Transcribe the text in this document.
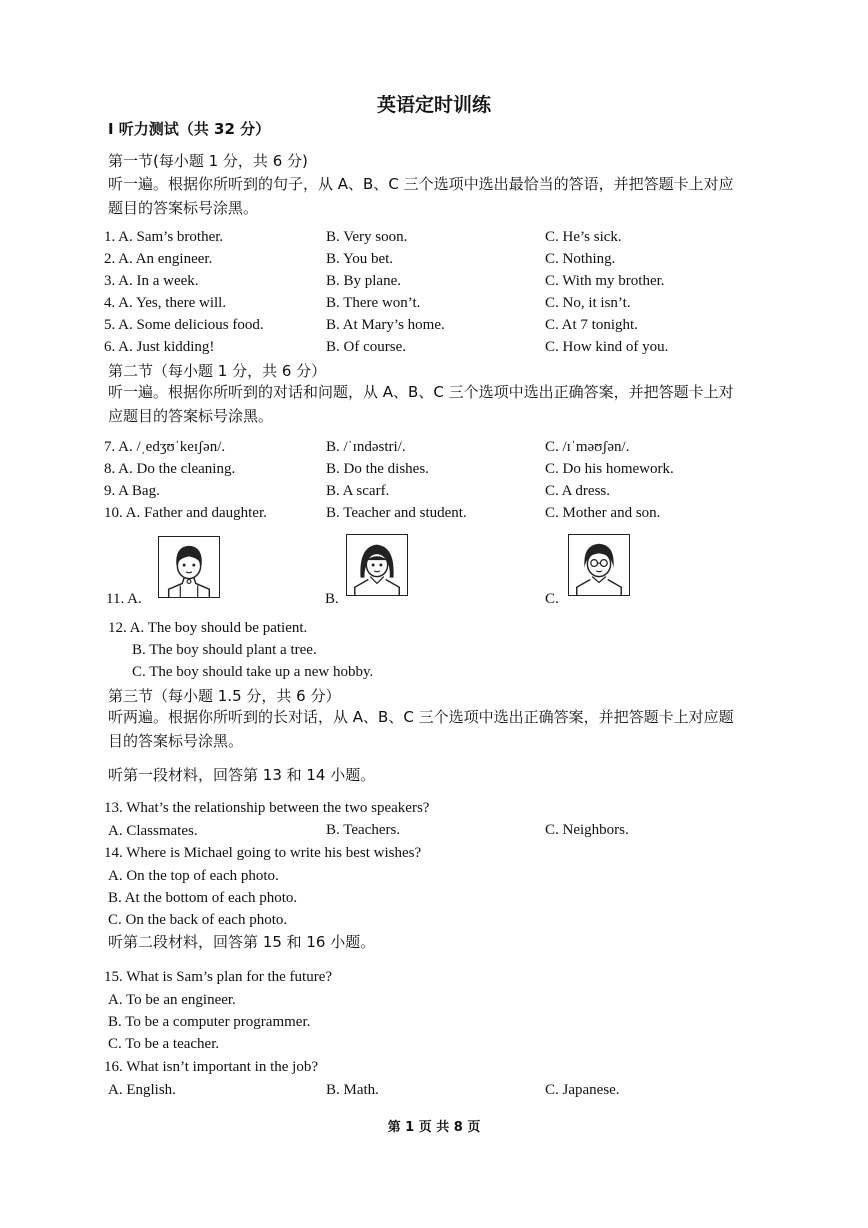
英语定时训练
I 听力测试（共 32 分）
第一节(每小题 1 分，共 6 分)
听一遍。根据你所听到的句子，从 A、B、C 三个选项中选出最恰当的答语，并把答题卡上对应
题目的答案标号涂黑。
1. A. Sam’s brother.	B. Very soon.	C. He’s sick.
2. A. An engineer.	B. You bet.	C. Nothing.
3. A. In a week.	B. By plane.	C. With my brother.
4. A. Yes, there will.	B. There won’t.	C. No, it isn’t.
5. A. Some delicious food.	B. At Mary’s home.	C. At 7 tonight.
6. A. Just kidding!	B. Of course.	C. How kind of you.
第二节（每小题 1 分，共 6 分）
听一遍。根据你所听到的对话和问题，从 A、B、C 三个选项中选出正确答案，并把答题卡上对
应题目的答案标号涂黑。
7. A. /ˌedʒʊˈkeɪʃən/.	B. /ˈɪndəstri/.	C. /ɪˈməʊʃən/.
8. A. Do the cleaning.	B. Do the dishes.	C. Do his homework.
9. A Bag.	B. A scarf.	C. A dress.
10. A. Father and daughter.	B. Teacher and student.	C. Mother and son.
11. A.	B.	C.
12. A. The boy should be patient.
B. The boy should plant a tree.
C. The boy should take up a new hobby.
第三节（每小题 1.5 分，共 6 分）
听两遍。根据你所听到的长对话，从 A、B、C 三个选项中选出正确答案，并把答题卡上对应题
目的答案标号涂黑。
听第一段材料，回答第 13 和 14 小题。
13. What’s the relationship between the two speakers?
A. Classmates.	B. Teachers.	C. Neighbors.
14. Where is Michael going to write his best wishes?
A. On the top of each photo.
B. At the bottom of each photo.
C. On the back of each photo.
听第二段材料，回答第 15 和 16 小题。
15. What is Sam’s plan for the future?
A. To be an engineer.
B. To be a computer programmer.
C. To be a teacher.
16. What isn’t important in the job?
A. English.	B. Math.	C. Japanese.
第 1 页 共 8 页
